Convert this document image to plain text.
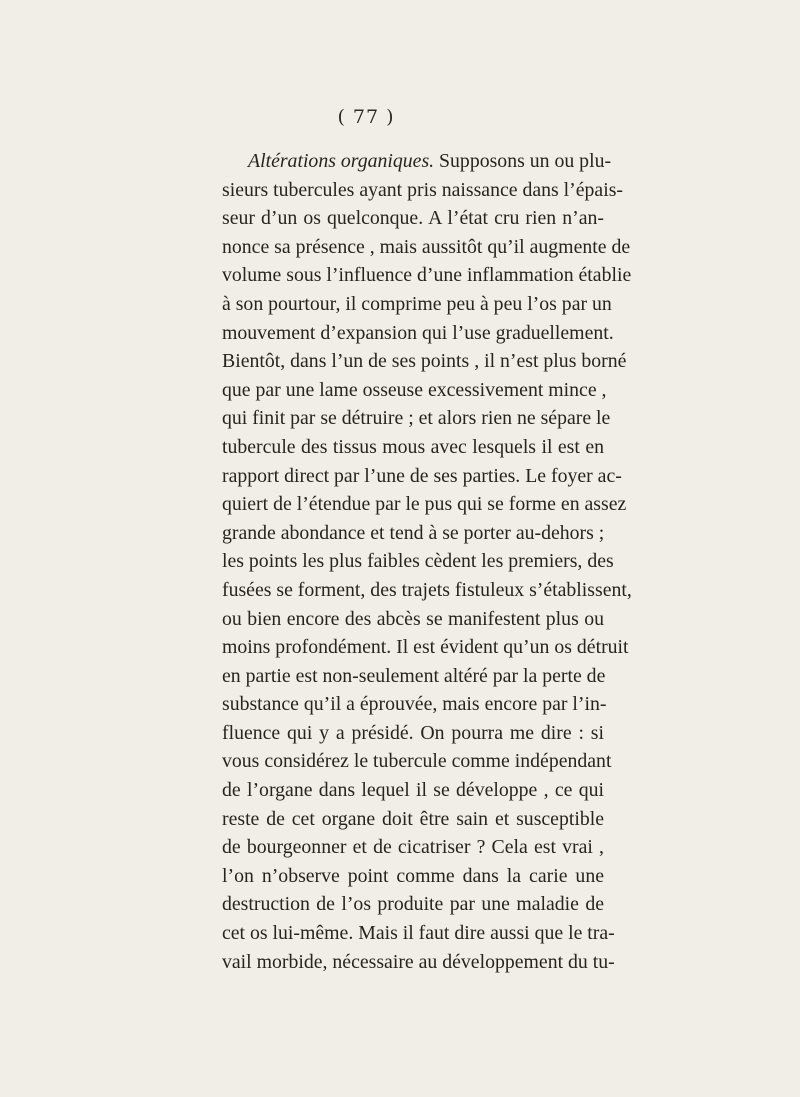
( 77 )
Altérations organiques. Supposons un ou plu-
sieurs tubercules ayant pris naissance dans l’épais-
seur d’un os quelconque. A l’état cru rien n’an-
nonce sa présence , mais aussitôt qu’il augmente de
volume sous l’influence d’une inflammation établie
à son pourtour, il comprime peu à peu l’os par un
mouvement d’expansion qui l’use graduellement.
Bientôt, dans l’un de ses points , il n’est plus borné
que par une lame osseuse excessivement mince ,
qui finit par se détruire ; et alors rien ne sépare le
tubercule des tissus mous avec lesquels il est en
rapport direct par l’une de ses parties. Le foyer ac-
quiert de l’étendue par le pus qui se forme en assez
grande abondance et tend à se porter au-dehors ;
les points les plus faibles cèdent les premiers, des
fusées se forment, des trajets fistuleux s’établissent,
ou bien encore des abcès se manifestent plus ou
moins profondément. Il est évident qu’un os détruit
en partie est non-seulement altéré par la perte de
substance qu’il a éprouvée, mais encore par l’in-
fluence qui y a présidé. On pourra me dire : si
vous considérez le tubercule comme indépendant
de l’organe dans lequel il se développe , ce qui
reste de cet organe doit être sain et susceptible
de bourgeonner et de cicatriser ? Cela est vrai ,
l’on n’observe point comme dans la carie une
destruction de l’os produite par une maladie de
cet os lui-même. Mais il faut dire aussi que le tra-
vail morbide, nécessaire au développement du tu-
